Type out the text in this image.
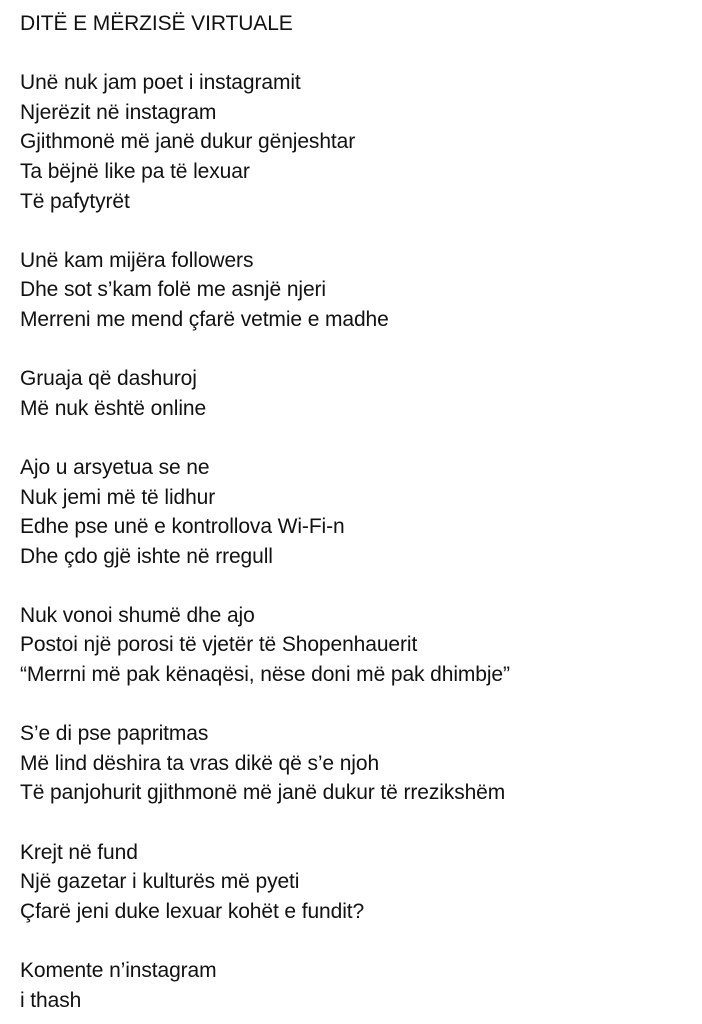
DITË E MËRZISË VIRTUALE
Unë nuk jam poet i instagramit
Njerëzit në instagram
Gjithmonë më janë dukur gënjeshtar
Ta bëjnë like pa të lexuar
Të pafytyrët
Unë kam mijëra followers
Dhe sot s’kam folë me asnjë njeri
Merreni me mend çfarë vetmie e madhe
Gruaja që dashuroj
Më nuk është online
Ajo u arsyetua se ne
Nuk jemi më të lidhur
Edhe pse unë e kontrollova Wi-Fi-n
Dhe çdo gjë ishte në rregull
Nuk vonoi shumë dhe ajo
Postoi një porosi të vjetër të Shopenhauerit
“Merrni më pak kënaqësi, nëse doni më pak dhimbje”
S’e di pse papritmas
Më lind dëshira ta vras dikë që s’e njoh
Të panjohurit gjithmonë më janë dukur të rrezikshëm
Krejt në fund
Një gazetar i kulturës më pyeti
Çfarë jeni duke lexuar kohët e fundit?
Komente n’instagram
i thash
